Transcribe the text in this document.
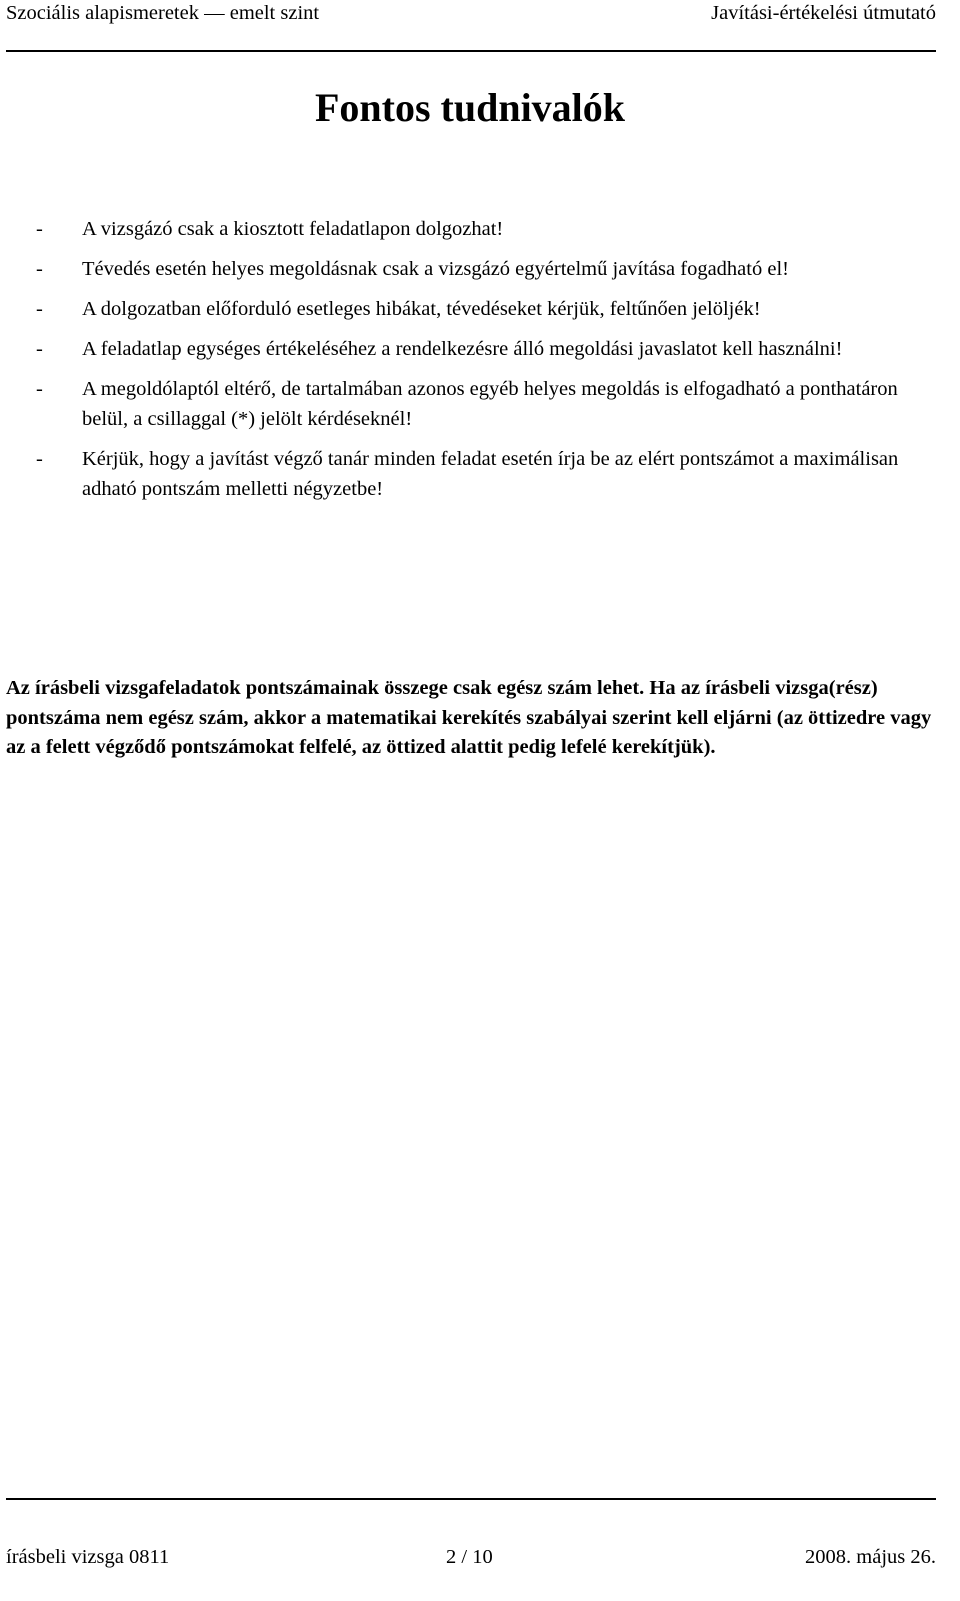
Szociális alapismeretek — emelt szint	Javítási-értékelési útmutató
Fontos tudnivalók
- A vizsgázó csak a kiosztott feladatlapon dolgozhat!
- Tévedés esetén helyes megoldásnak csak a vizsgázó egyértelmű javítása fogadható el!
- A dolgozatban előforduló esetleges hibákat, tévedéseket kérjük, feltűnően jelöljék!
- A feladatlap egységes értékeléséhez a rendelkezésre álló megoldási javaslatot kell használni!
- A megoldólaptól eltérő, de tartalmában azonos egyéb helyes megoldás is elfogadható a ponthatáron belül, a csillaggal (*) jelölt kérdéseknél!
- Kérjük, hogy a javítást végző tanár minden feladat esetén írja be az elért pontszámot a maximálisan adható pontszám melletti négyzetbe!

Az írásbeli vizsgafeladatok pontszámainak összege csak egész szám lehet. Ha az írásbeli vizsga(rész) pontszáma nem egész szám, akkor a matematikai kerekítés szabályai szerint kell eljárni (az öttizedre vagy az a felett végződő pontszámokat felfelé, az öttized alattit pedig lefelé kerekítjük).

írásbeli vizsga 0811	2 / 10	2008. május 26.
